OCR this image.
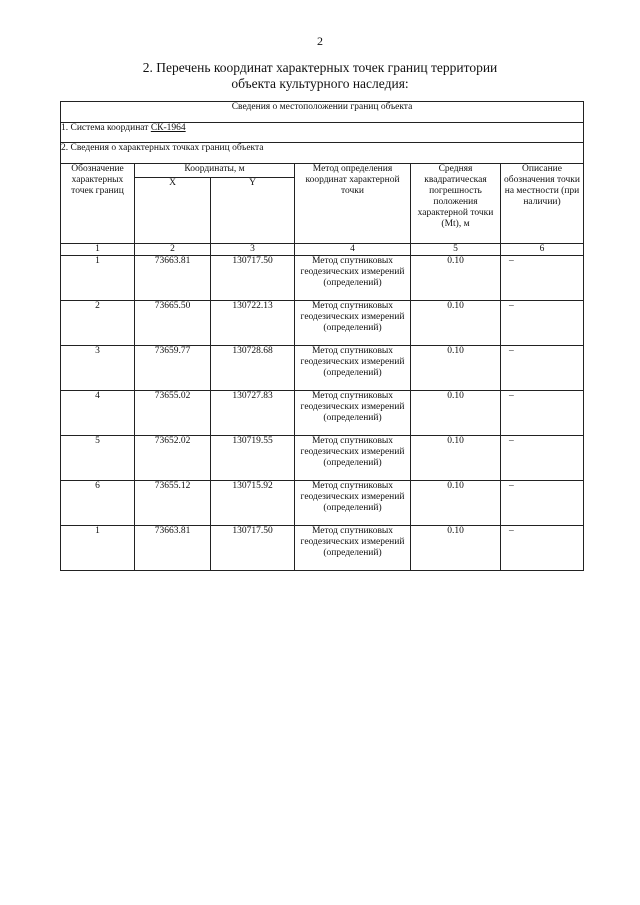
2
2. Перечень координат характерных точек границ территории
объекта культурного наследия:
Сведения о местоположении границ объекта					
1. Система координат СК-1964					
2. Сведения о характерных точках границ объекта					
Обозначение характерных точек границ	Координаты, м		Метод определения координат характерной точки	Средняя квадратическая погрешность положения характерной точки (Mt), м	Описание обозначения точки на местности (при наличии)
	X	Y			
1	2	3	4	5	6
1	73663.81	130717.50	Метод спутниковых геодезических измерений (определений)	0.10	–
2	73665.50	130722.13	Метод спутниковых геодезических измерений (определений)	0.10	–
3	73659.77	130728.68	Метод спутниковых геодезических измерений (определений)	0.10	–
4	73655.02	130727.83	Метод спутниковых геодезических измерений (определений)	0.10	–
5	73652.02	130719.55	Метод спутниковых геодезических измерений (определений)	0.10	–
6	73655.12	130715.92	Метод спутниковых геодезических измерений (определений)	0.10	–
1	73663.81	130717.50	Метод спутниковых геодезических измерений (определений)	0.10	–
